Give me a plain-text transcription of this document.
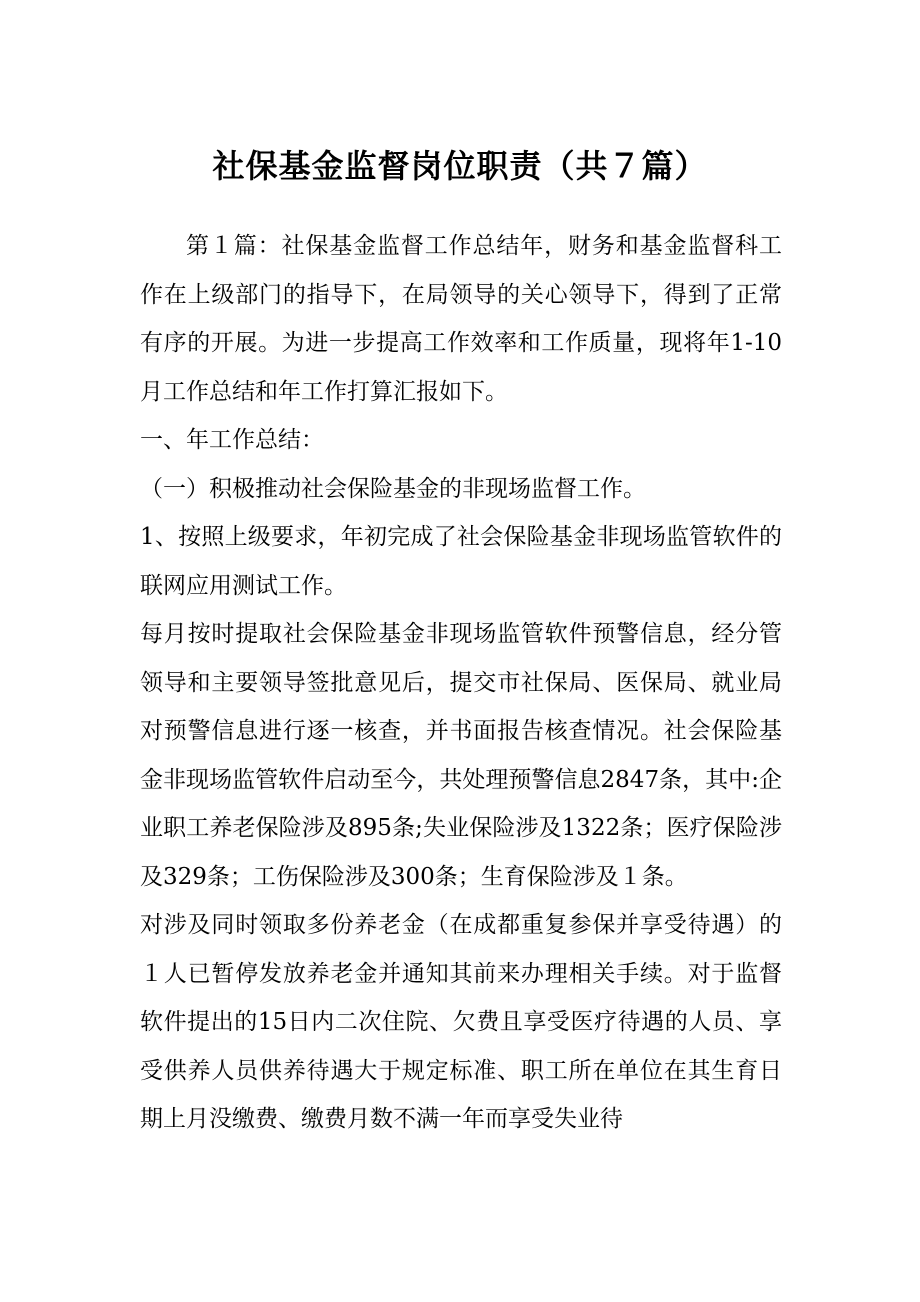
社保基金监督岗位职责（共７篇）

第１篇：社保基金监督工作总结年，财务和基金监督科工作在上级部门的指导下，在局领导的关心领导下，得到了正常有序的开展。为进一步提高工作效率和工作质量，现将年1-10月工作总结和年工作打算汇报如下。

一、年工作总结：

（一）积极推动社会保险基金的非现场监督工作。

1、按照上级要求，年初完成了社会保险基金非现场监管软件的联网应用测试工作。

每月按时提取社会保险基金非现场监管软件预警信息，经分管领导和主要领导签批意见后，提交市社保局、医保局、就业局对预警信息进行逐一核查，并书面报告核查情况。社会保险基金非现场监管软件启动至今，共处理预警信息2847条，其中:企业职工养老保险涉及895条;失业保险涉及1322条；医疗保险涉及329条；工伤保险涉及300条；生育保险涉及１条。

对涉及同时领取多份养老金（在成都重复参保并享受待遇）的１人已暂停发放养老金并通知其前来办理相关手续。对于监督软件提出的15日内二次住院、欠费且享受医疗待遇的人员、享受供养人员供养待遇大于规定标准、职工所在单位在其生育日期上月没缴费、缴费月数不满一年而享受失业待
